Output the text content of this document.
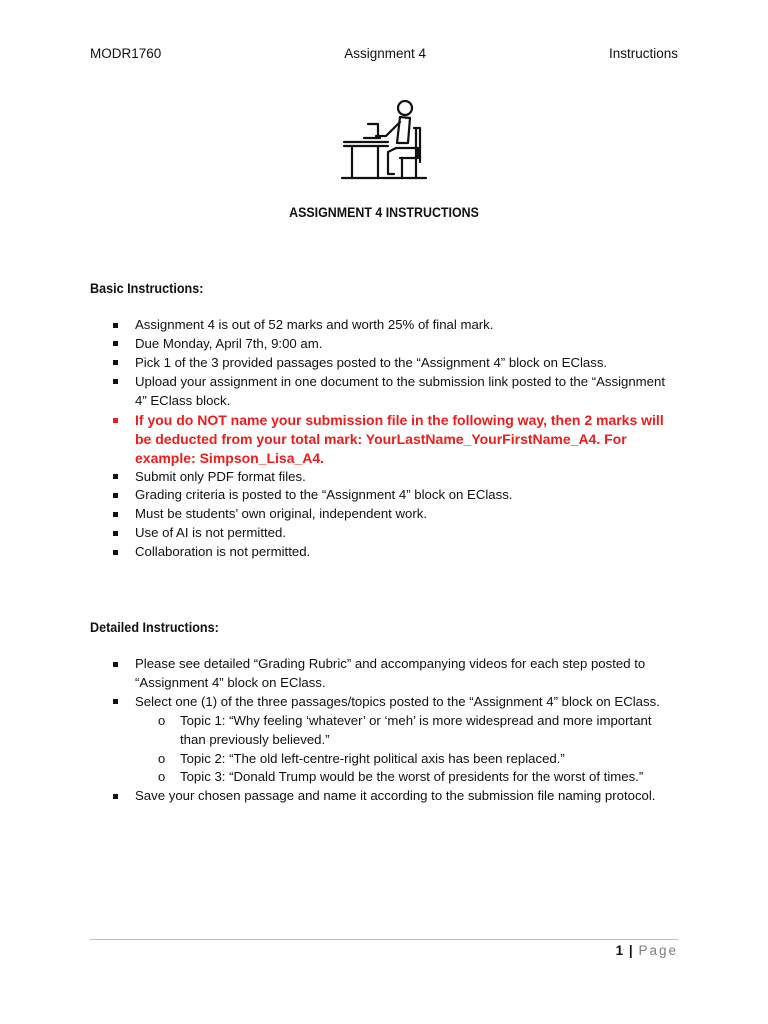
MODR1760	Assignment 4	Instructions
ASSIGNMENT 4 INSTRUCTIONS
Basic Instructions:
Assignment 4 is out of 52 marks and worth 25% of final mark.
Due Monday, April 7th, 9:00 am.
Pick 1 of the 3 provided passages posted to the “Assignment 4” block on EClass.
Upload your assignment in one document to the submission link posted to the “Assignment 4” EClass block.
If you do NOT name your submission file in the following way, then 2 marks will be deducted from your total mark: YourLastName_YourFirstName_A4. For example: Simpson_Lisa_A4.
Submit only PDF format files.
Grading criteria is posted to the “Assignment 4” block on EClass.
Must be students’ own original, independent work.
Use of AI is not permitted.
Collaboration is not permitted.
Detailed Instructions:
Please see detailed “Grading Rubric” and accompanying videos for each step posted to “Assignment 4” block on EClass.
Select one (1) of the three passages/topics posted to the “Assignment 4” block on EClass.
o Topic 1: “Why feeling ‘whatever’ or ‘meh’ is more widespread and more important than previously believed.”
o Topic 2: “The old left-centre-right political axis has been replaced.”
o Topic 3: “Donald Trump would be the worst of presidents for the worst of times.”
Save your chosen passage and name it according to the submission file naming protocol.
1 | Page
